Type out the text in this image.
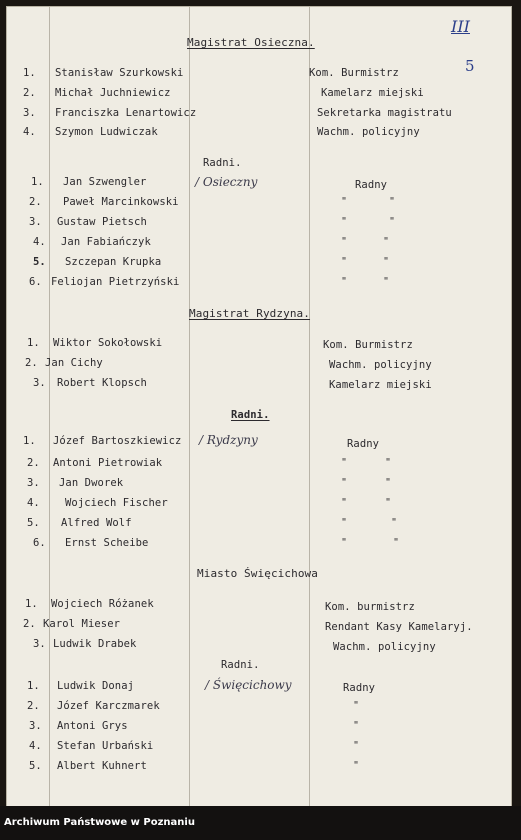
III
5
Magistrat Osieczna.
1. Stanisław Szurkowski	Kom. Burmistrz
2. Michał Juchniewicz	Kamelarz miejski
3. Franciszka Lenartowicz	Sekretarka magistratu
4. Szymon Ludwiczak	Wachm. policyjny
Radni.
/ Osieczny	Radny
1. Jan Szwengler
2. Paweł Marcinkowski	"	"
3. Gustaw Pietsch	"	"
4. Jan Fabiańczyk	"	"
5. Szczepan Krupka	"	"
6. Feliojan Pietrzyński	"	"
Magistrat Rydzyna.
1. Wiktor Sokołowski	Kom. Burmistrz
2. Jan Cichy	Wachm. policyjny
3. Robert Klopsch	Kamelarz miejski
Radni.
/ Rydzyny	Radny
1. Józef Bartoszkiewicz
2. Antoni Pietrowiak	"	"
3. Jan Dworek	"	"
4. Wojciech Fischer	"	"
5. Alfred Wolf	"	"
6. Ernst Scheibe	"	"
Miasto Święcichowa
1. Wojciech Różanek	Kom. burmistrz
2. Karol Mieser	Rendant Kasy Kamelaryj.
3. Ludwik Drabek	Wachm. policyjny
Radni.
/ Święcichowy	Radny
1. Ludwik Donaj
2. Józef Karczmarek	"
3. Antoni Grys	"
4. Stefan Urbański	"
5. Albert Kuhnert	"
Archiwum Państwowe w Poznaniu
